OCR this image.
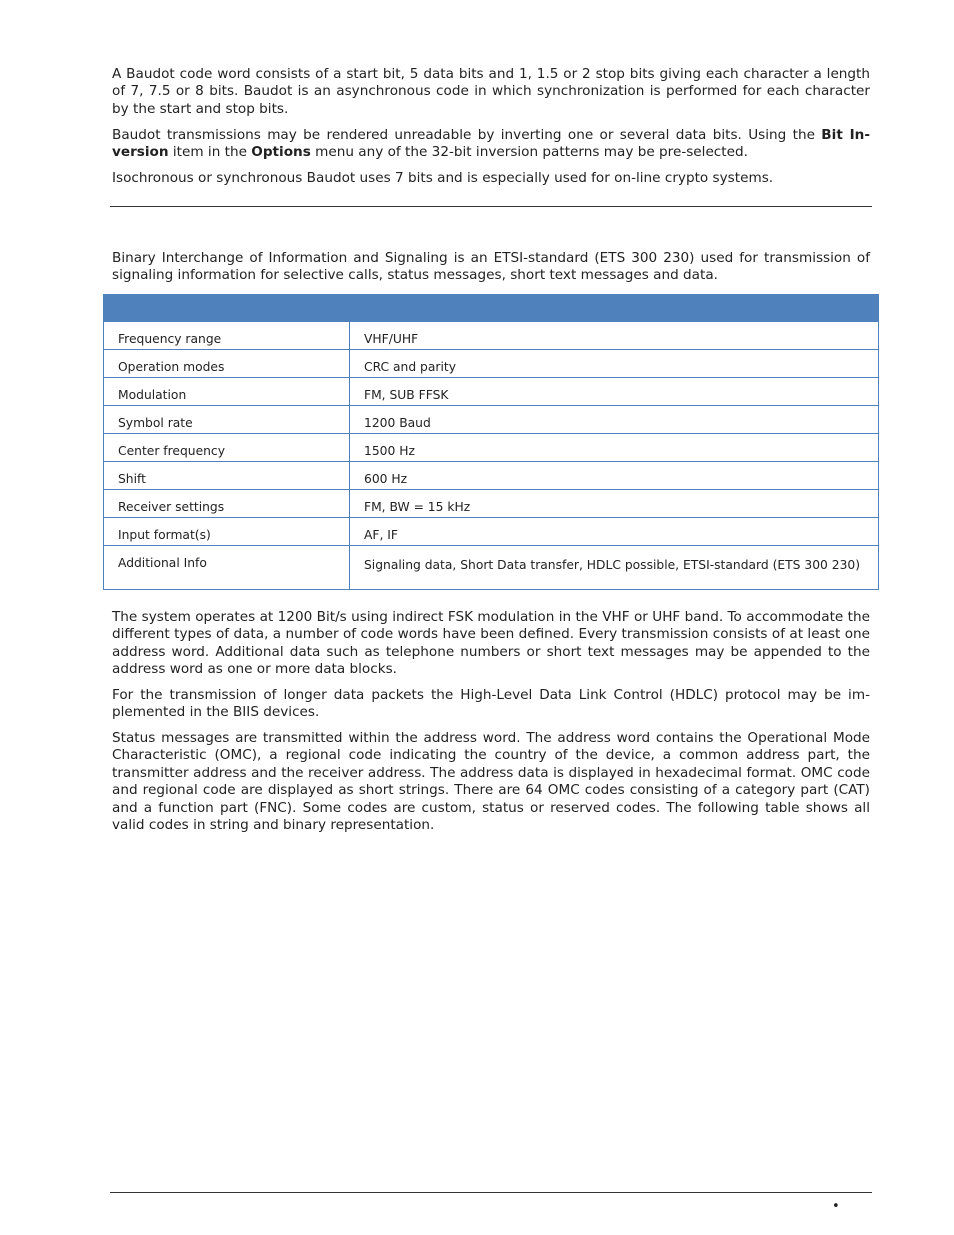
A Baudot code word consists of a start bit, 5 data bits and 1, 1.5 or 2 stop bits giving each character a length of 7, 7.5 or 8 bits. Baudot is an asynchronous code in which synchronization is performed for each character by the start and stop bits.

Baudot transmissions may be rendered unreadable by inverting one or several data bits. Using the Bit Inversion item in the Options menu any of the 32-bit inversion patterns may be pre-selected.

Isochronous or synchronous Baudot uses 7 bits and is especially used for on-line crypto systems.

Binary Interchange of Information and Signaling is an ETSI-standard (ETS 300 230) used for transmission of signaling information for selective calls, status messages, short text messages and data.

Frequency range	VHF/UHF
Operation modes	CRC and parity
Modulation	FM, SUB FFSK
Symbol rate	1200 Baud
Center frequency	1500 Hz
Shift	600 Hz
Receiver settings	FM, BW = 15 kHz
Input format(s)	AF, IF
Additional Info	Signaling data, Short Data transfer, HDLC possible, ETSI-standard (ETS 300 230)

The system operates at 1200 Bit/s using indirect FSK modulation in the VHF or UHF band. To accommodate the different types of data, a number of code words have been defined. Every transmission consists of at least one address word. Additional data such as telephone numbers or short text messages may be appended to the address word as one or more data blocks.

For the transmission of longer data packets the High-Level Data Link Control (HDLC) protocol may be implemented in the BIIS devices.

Status messages are transmitted within the address word. The address word contains the Operational Mode Characteristic (OMC), a regional code indicating the country of the device, a common address part, the transmitter address and the receiver address. The address data is displayed in hexadecimal format. OMC code and regional code are displayed as short strings. There are 64 OMC codes consisting of a category part (CAT) and a function part (FNC). Some codes are custom, status or reserved codes. The following table shows all valid codes in string and binary representation.

•
